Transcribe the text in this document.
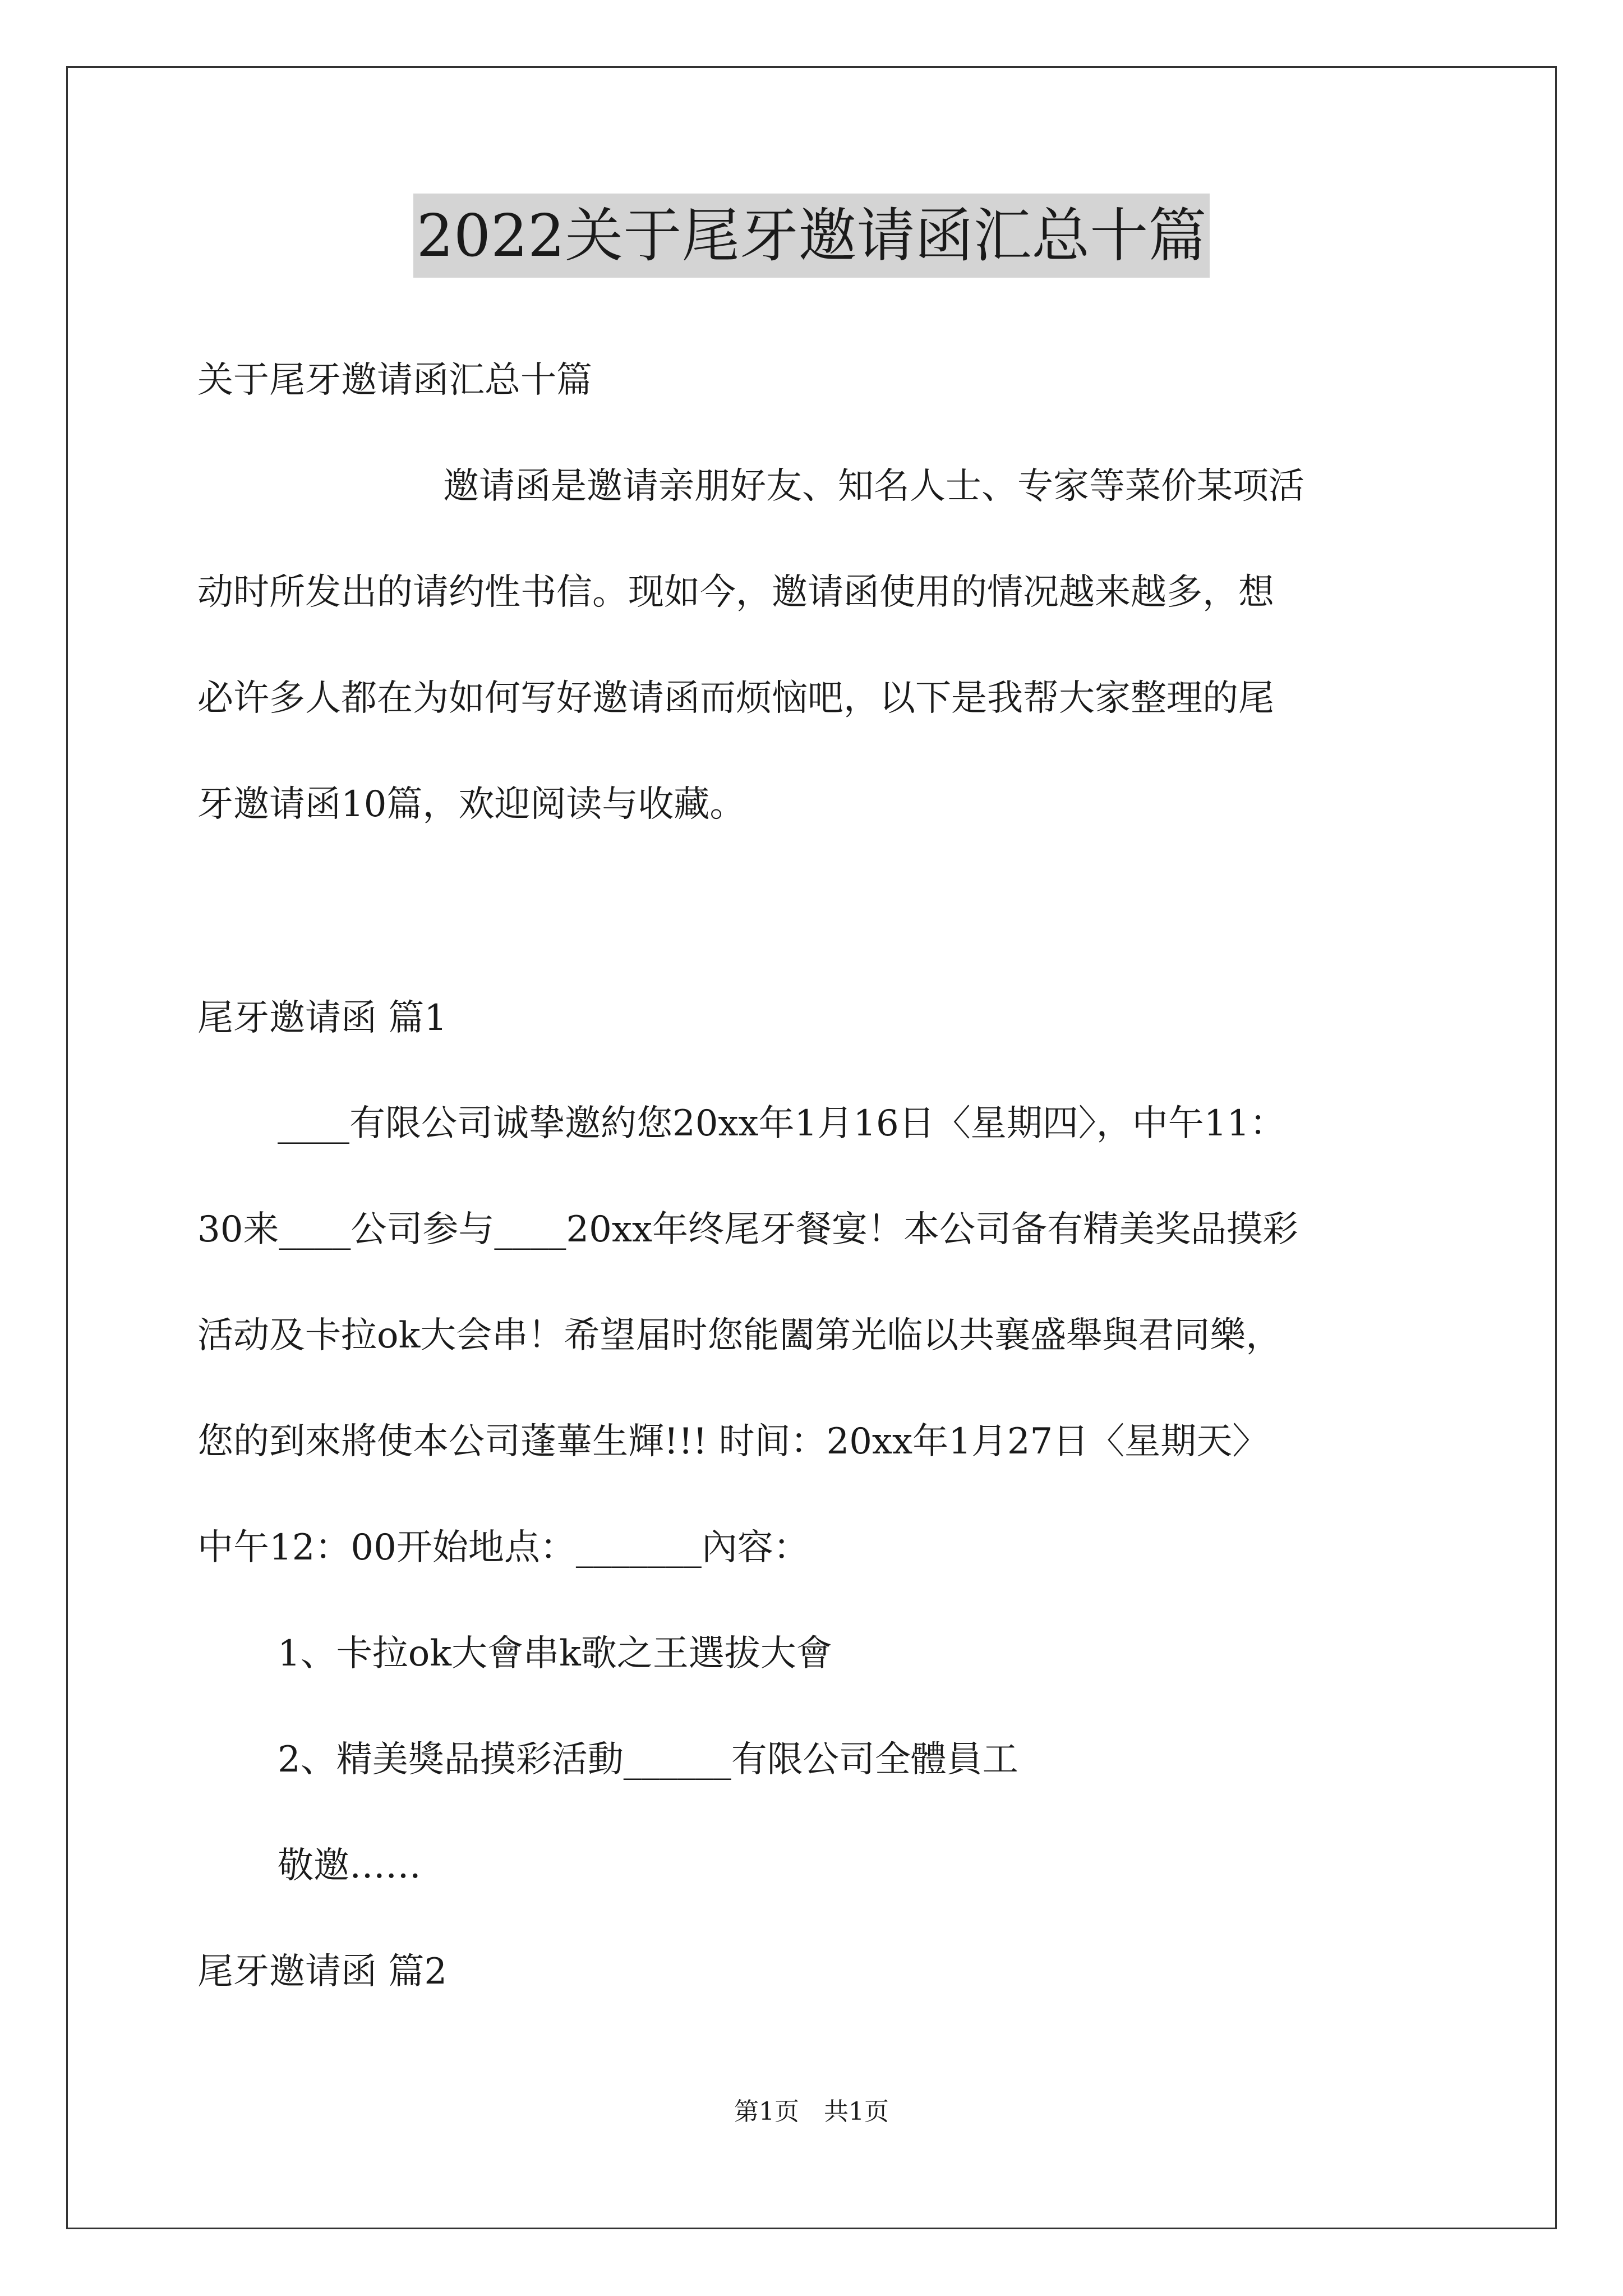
2022关于尾牙邀请函汇总十篇
关于尾牙邀请函汇总十篇
邀请函是邀请亲朋好友、知名人士、专家等菜价某项活
动时所发出的请约性书信。现如今，邀请函使用的情况越来越多，想
必许多人都在为如何写好邀请函而烦恼吧，以下是我帮大家整理的尾
牙邀请函10篇，欢迎阅读与收藏。
尾牙邀请函 篇1
____有限公司诚挚邀約您20xx年1月16日〈星期四〉，中午11：
30来____公司参与____20xx年终尾牙餐宴！本公司备有精美奖品摸彩
活动及卡拉ok大会串！希望届时您能闔第光临以共襄盛舉與君同樂，
您的到來將使本公司蓬蓽生輝!!! 时间：20xx年1月27日〈星期天〉
中午12：00开始地点：_______內容：
1、卡拉ok大會串k歌之王選拔大會
2、精美獎品摸彩活動______有限公司全體員工
敬邀……
尾牙邀请函 篇2
第1页　共1页
